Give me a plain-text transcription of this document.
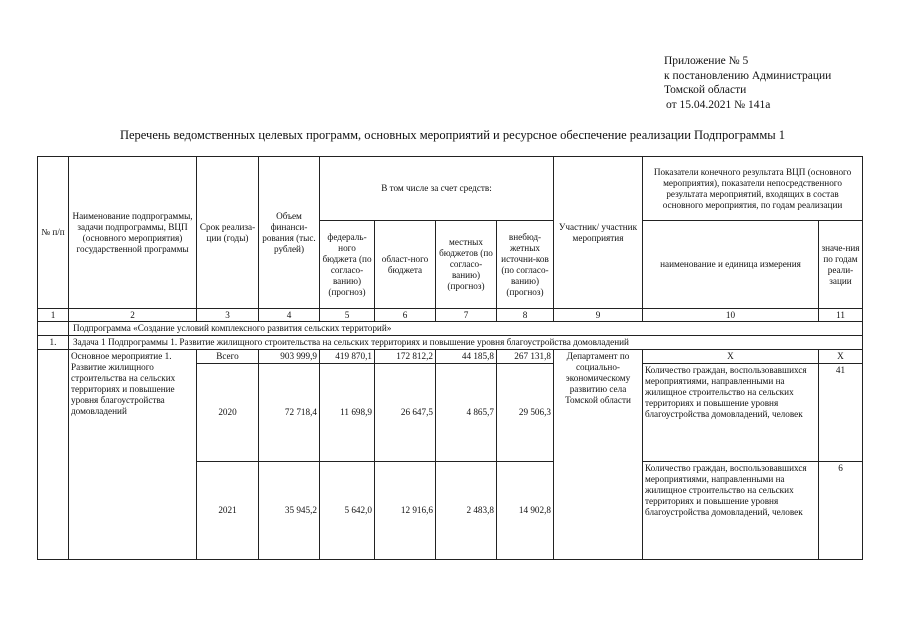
Приложение № 5
к постановлению Администрации
Томской области
от 15.04.2021 № 141а
Перечень ведомственных целевых программ, основных мероприятий и ресурсное обеспечение реализации Подпрограммы 1
№ п/п	Наименование подпрограммы, задачи подпрограммы, ВЦП (основного мероприятия) государственной программы	Срок реализа-ции (годы)	Объем финанси-рования (тыс. рублей)	В том числе за счет средств:				Участник/ участник мероприятия	Показатели конечного результата ВЦП (основного мероприятия), показатели непосредственного результата мероприятий, входящих в состав основного мероприятия, по годам реализации	
				федераль-ного бюджета (по согласо-ванию) (прогноз)	област-ного бюджета	местных бюджетов (по согласо-ванию) (прогноз)	внебюд-жетных источни-ков (по согласо-ванию) (прогноз)		наименование и единица измерения	значе-ния по годам реали-зации
1	2	3	4	5	6	7	8	9	10	11
	Подпрограмма «Создание условий комплексного развития сельских территорий»									
1.	Задача 1 Подпрограммы 1. Развитие жилищного строительства на сельских территориях и повышение уровня благоустройства домовладений									
	Основное мероприятие 1. Развитие жилищного строительства на сельских территориях и повышение уровня благоустройства домовладений	Всего	903 999,9	419 870,1	172 812,2	44 185,8	267 131,8	Департамент по социально-экономическому развитию села Томской области	Х	Х
		2020	72 718,4	11 698,9	26 647,5	4 865,7	29 506,3		Количество граждан, воспользовавшихся мероприятиями, направленными на жилищное строительство на сельских территориях и повышение уровня благоустройства домовладений, человек	41
		2021	35 945,2	5 642,0	12 916,6	2 483,8	14 902,8		Количество граждан, воспользовавшихся мероприятиями, направленными на жилищное строительство на сельских территориях и повышение уровня благоустройства домовладений, человек	6
